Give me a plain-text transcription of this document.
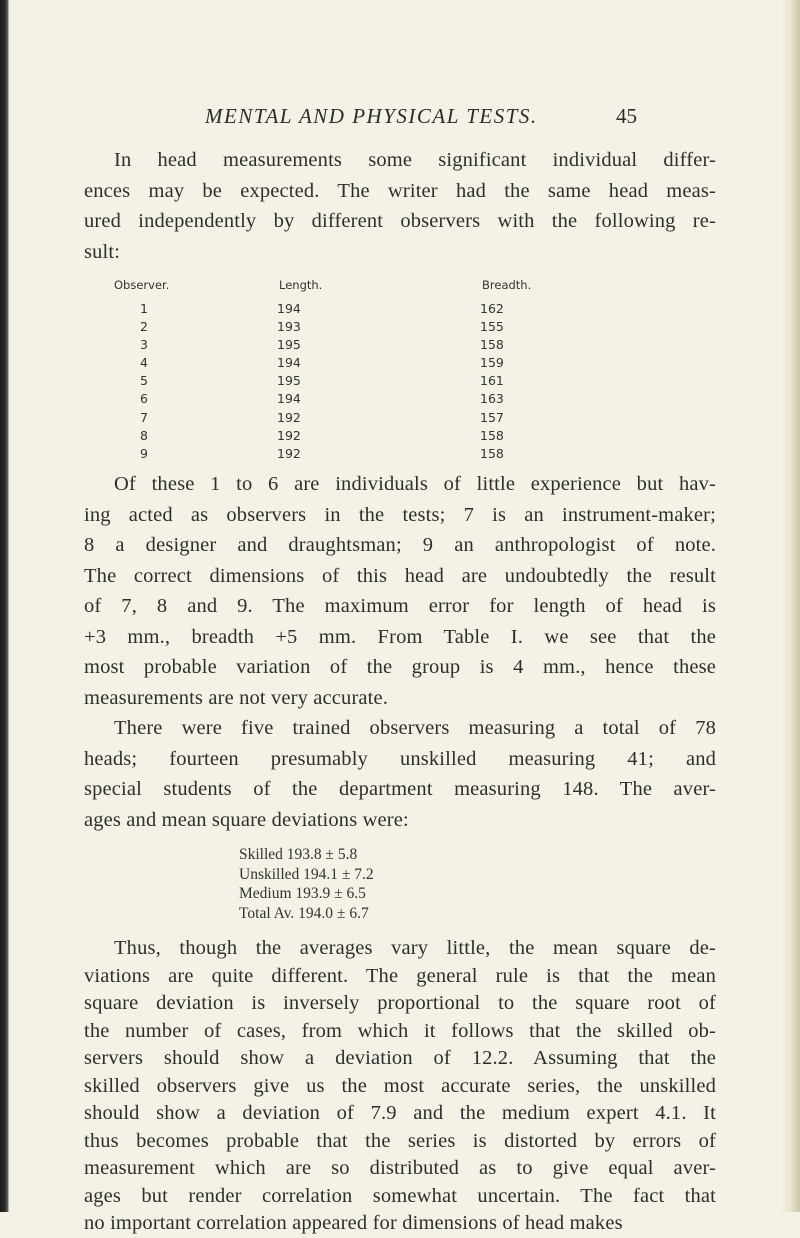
MENTAL AND PHYSICAL TESTS.	45
In head measurements some significant individual differ-
ences may be expected. The writer had the same head meas-
ured independently by different observers with the following re-
sult:
Observer.	Length.	Breadth.
1	194	162
2	193	155
3	195	158
4	194	159
5	195	161
6	194	163
7	192	157
8	192	158
9	192	158
Of these 1 to 6 are individuals of little experience but hav-
ing acted as observers in the tests; 7 is an instrument-maker;
8 a designer and draughtsman; 9 an anthropologist of note.
The correct dimensions of this head are undoubtedly the result
of 7, 8 and 9. The maximum error for length of head is
+3 mm., breadth +5 mm. From Table I. we see that the
most probable variation of the group is 4 mm., hence these
measurements are not very accurate.
There were five trained observers measuring a total of 78
heads; fourteen presumably unskilled measuring 41; and
special students of the department measuring 148. The aver-
ages and mean square deviations were:
Skilled 193.8 ± 5.8
Unskilled 194.1 ± 7.2
Medium 193.9 ± 6.5
Total Av. 194.0 ± 6.7
Thus, though the averages vary little, the mean square de-
viations are quite different. The general rule is that the mean
square deviation is inversely proportional to the square root of
the number of cases, from which it follows that the skilled ob-
servers should show a deviation of 12.2. Assuming that the
skilled observers give us the most accurate series, the unskilled
should show a deviation of 7.9 and the medium expert 4.1. It
thus becomes probable that the series is distorted by errors of
measurement which are so distributed as to give equal aver-
ages but render correlation somewhat uncertain. The fact that
no important correlation appeared for dimensions of head makes
